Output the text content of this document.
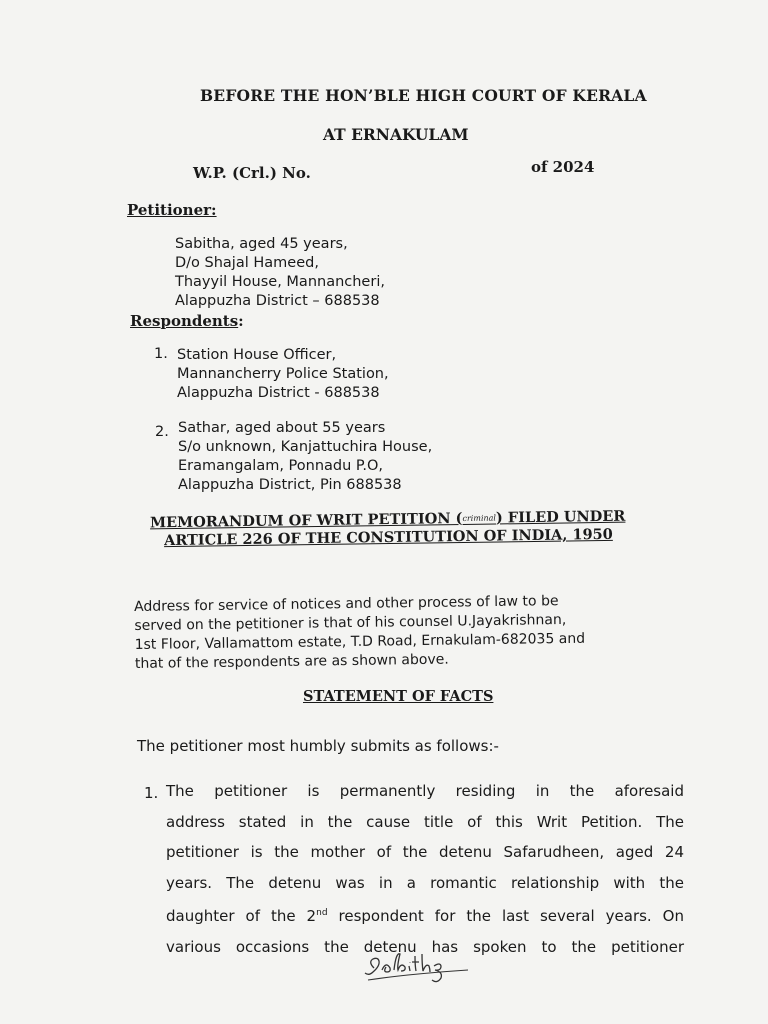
BEFORE THE HON’BLE HIGH COURT OF KERALA
AT ERNAKULAM
W.P. (Crl.) No.	of 2024
Petitioner:
Sabitha, aged 45 years,
D/o Shajal Hameed,
Thayyil House, Mannancheri,
Alappuzha District – 688538
Respondents:
1. Station House Officer,
Mannancherry Police Station,
Alappuzha District - 688538
2. Sathar, aged about 55 years
S/o unknown, Kanjattuchira House,
Eramangalam, Ponnadu P.O,
Alappuzha District, Pin 688538
MEMORANDUM OF WRIT PETITION (criminal) FILED UNDER
ARTICLE 226 OF THE CONSTITUTION OF INDIA, 1950
Address for service of notices and other process of law to be
served on the petitioner is that of his counsel U.Jayakrishnan,
1st Floor, Vallamattom estate, T.D Road, Ernakulam-682035 and
that of the respondents are as shown above.
STATEMENT OF FACTS
The petitioner most humbly submits as follows:-
1. The petitioner is permanently residing in the aforesaid
address stated in the cause title of this Writ Petition. The
petitioner is the mother of the detenu Safarudheen, aged 24
years. The detenu was in a romantic relationship with the
daughter of the 2nd respondent for the last several years. On
various occasions the detenu has spoken to the petitioner
